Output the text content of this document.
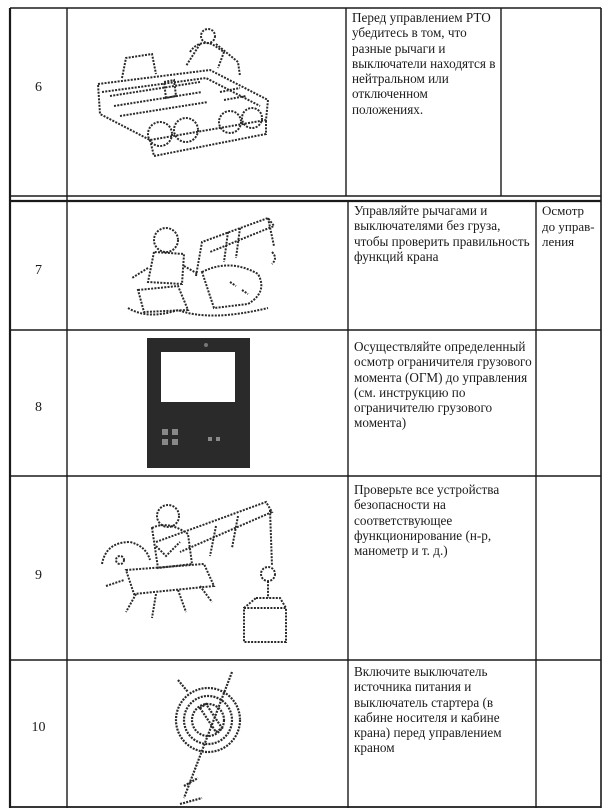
6
Перед управлением РТО убедитесь в том, что разные рычаги и выключатели находятся в нейтральном или отключенном положениях.
7
Управляйте рычагами и выключателями без груза, чтобы проверить правильность функций крана
Осмотр до управ-ления
8
Осуществляйте определенный осмотр ограничителя грузового момента (ОГМ) до управления (см. инструкцию по ограничителю грузового момента)
9
Проверьте все устройства безопасности на соответствующее функционирование (н-р, манометр и т. д.)
10
Включите выключатель источника питания и выключатель стартера (в кабине носителя и кабине крана) перед управлением краном
